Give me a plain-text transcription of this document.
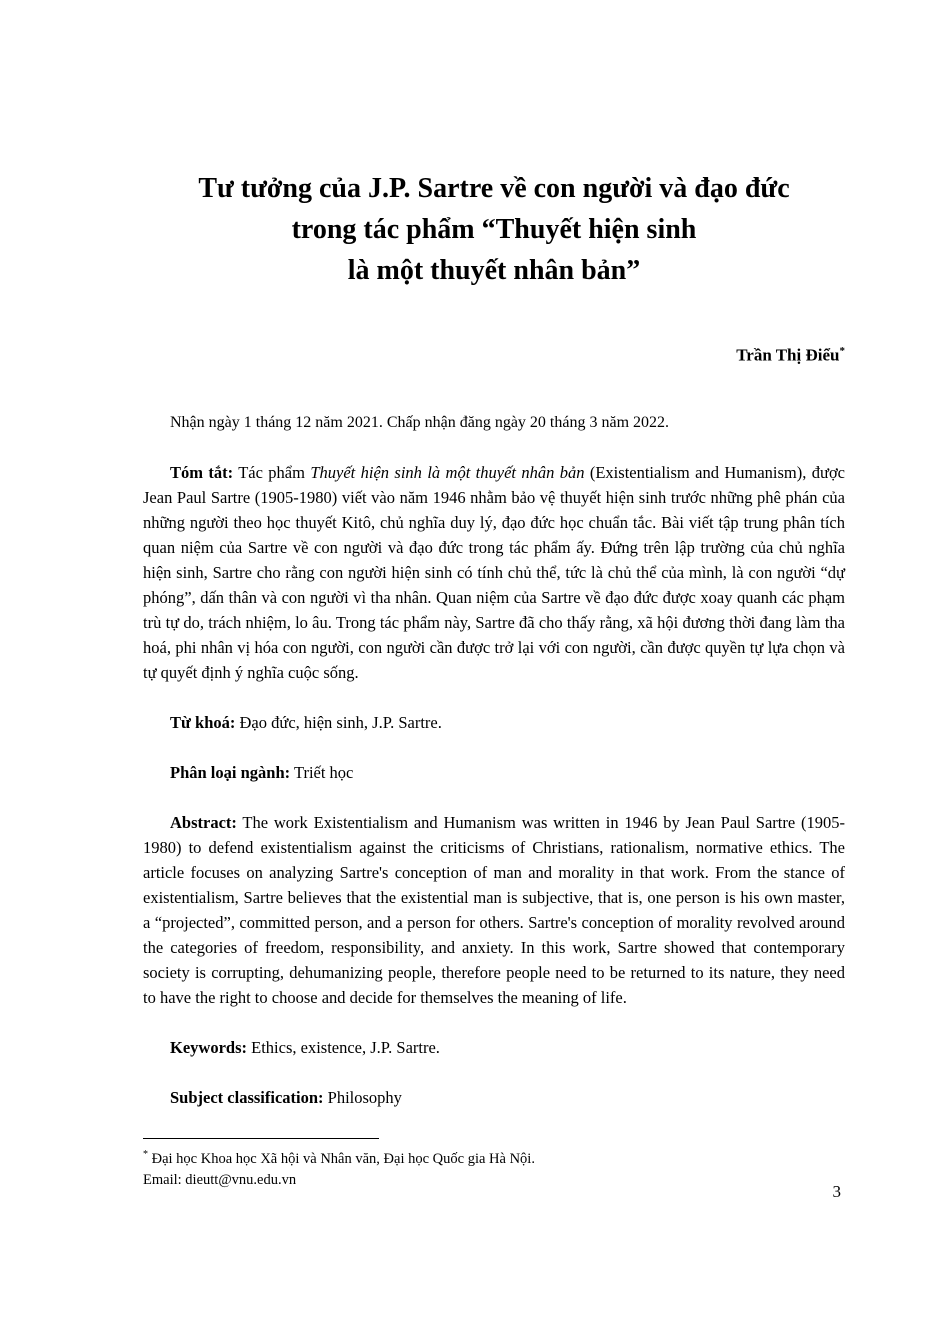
Tư tưởng của J.P. Sartre về con người và đạo đức
trong tác phẩm “Thuyết hiện sinh
là một thuyết nhân bản”
Trần Thị Điểu*

Nhận ngày 1 tháng 12 năm 2021. Chấp nhận đăng ngày 20 tháng 3 năm 2022.

Tóm tắt: Tác phẩm Thuyết hiện sinh là một thuyết nhân bản (Existentialism and Humanism), được Jean Paul Sartre (1905-1980) viết vào năm 1946 nhằm bảo vệ thuyết hiện sinh trước những phê phán của những người theo học thuyết Kitô, chủ nghĩa duy lý, đạo đức học chuẩn tắc. Bài viết tập trung phân tích quan niệm của Sartre về con người và đạo đức trong tác phẩm ấy. Đứng trên lập trường của chủ nghĩa hiện sinh, Sartre cho rằng con người hiện sinh có tính chủ thể, tức là chủ thể của mình, là con người “dự phóng”, dấn thân và con người vì tha nhân. Quan niệm của Sartre về đạo đức được xoay quanh các phạm trù tự do, trách nhiệm, lo âu. Trong tác phẩm này, Sartre đã cho thấy rằng, xã hội đương thời đang làm tha hoá, phi nhân vị hóa con người, con người cần được trở lại với con người, cần được quyền tự lựa chọn và tự quyết định ý nghĩa cuộc sống.

Từ khoá: Đạo đức, hiện sinh, J.P. Sartre.

Phân loại ngành: Triết học

Abstract: The work Existentialism and Humanism was written in 1946 by Jean Paul Sartre (1905-1980) to defend existentialism against the criticisms of Christians, rationalism, normative ethics. The article focuses on analyzing Sartre's conception of man and morality in that work. From the stance of existentialism, Sartre believes that the existential man is subjective, that is, one person is his own master, a “projected”, committed person, and a person for others. Sartre's conception of morality revolved around the categories of freedom, responsibility, and anxiety. In this work, Sartre showed that contemporary society is corrupting, dehumanizing people, therefore people need to be returned to its nature, they need to have the right to choose and decide for themselves the meaning of life.

Keywords: Ethics, existence, J.P. Sartre.

Subject classification: Philosophy

* Đại học Khoa học Xã hội và Nhân văn, Đại học Quốc gia Hà Nội.
Email: dieutt@vnu.edu.vn
3
